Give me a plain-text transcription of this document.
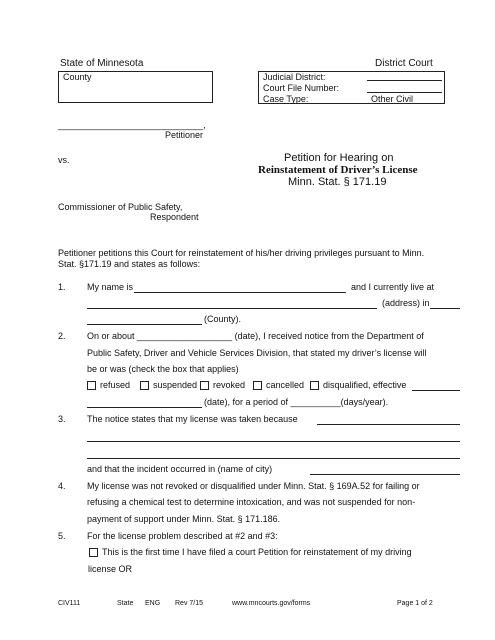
State of Minnesota	District Court
County	Judicial District:
Court File Number:
Case Type:	Other Civil
_____________________________,
Petitioner
vs.
Commissioner of Public Safety,
Respondent
Petition for Hearing on
Reinstatement of Driver’s License
Minn. Stat. § 171.19
Petitioner petitions this Court for reinstatement of his/her driving privileges pursuant to Minn.
Stat. §171.19 and states as follows:
1. My name is	and I currently live at
(address) in
(County).
2. On or about ___________________ (date), I received notice from the Department of
Public Safety, Driver and Vehicle Services Division, that stated my driver’s license will
be or was (check the box that applies)
refused	suspended revoked cancelled disqualified, effective
(date), for a period of __________(days/year).
3. The notice states that my license was taken because
and that the incident occurred in (name of city)
4. My license was not revoked or disqualified under Minn. Stat. § 169A.52 for failing or
refusing a chemical test to determine intoxication, and was not suspended for non-
payment of support under Minn. Stat. § 171.186.
5. For the license problem described at #2 and #3:
This is the first time I have filed a court Petition for reinstatement of my driving
license OR
CIV111	State ENG Rev 7/15	www.mncourts.gov/forms	Page 1 of 2
